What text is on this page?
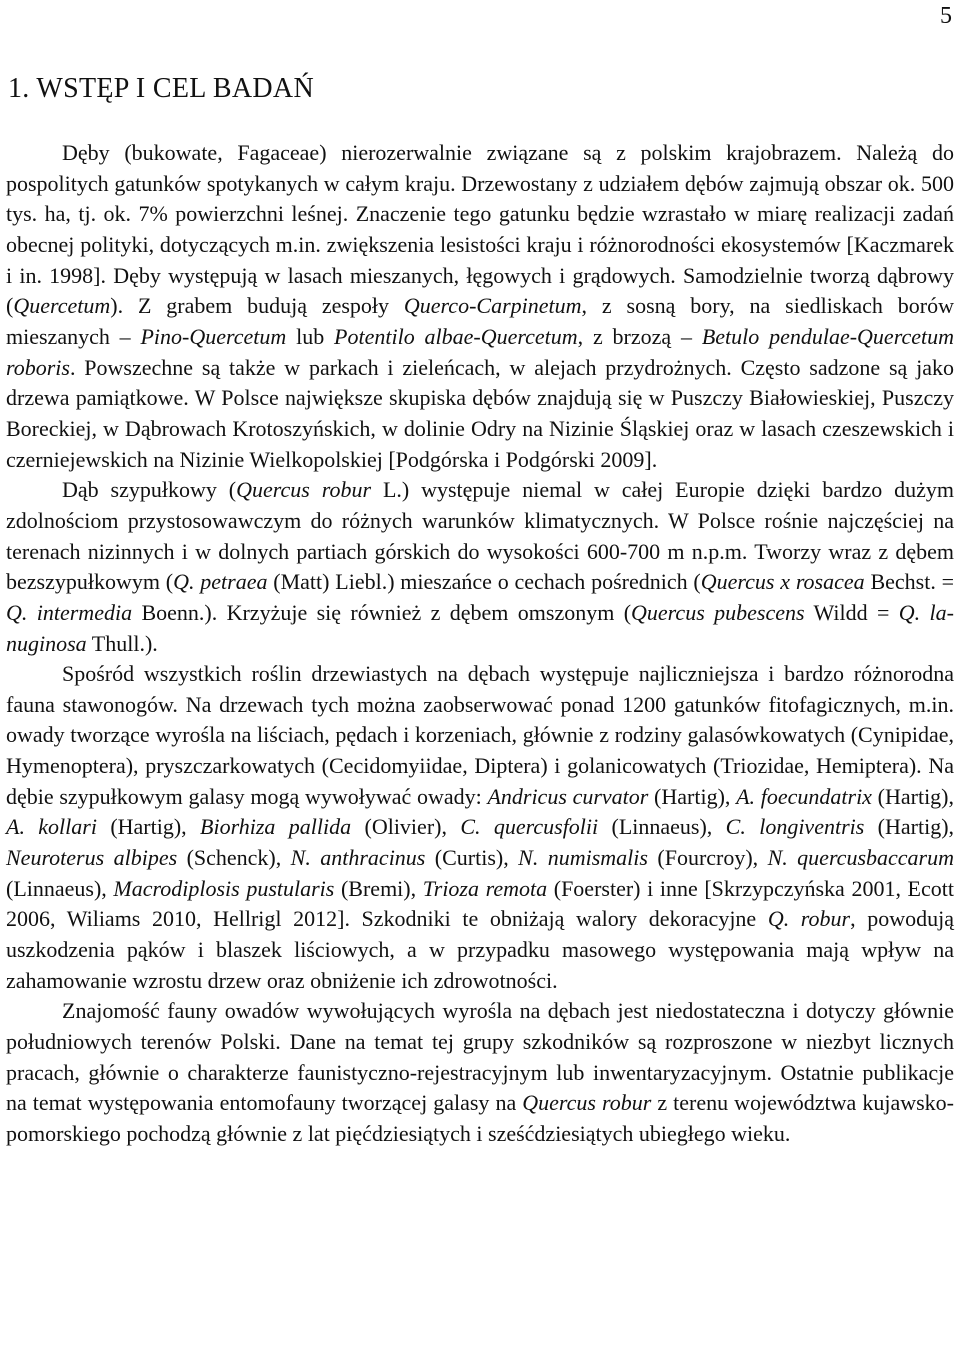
5
1. WSTĘP I CEL BADAŃ

Dęby (bukowate, Fagaceae) nierozerwalnie związane są z polskim krajobrazem. Należą do pospolitych gatunków spotykanych w całym kraju. Drzewostany z udziałem dębów zajmują obszar ok. 500 tys. ha, tj. ok. 7% powierzchni leśnej. Znaczenie tego gatunku będzie wzrastało w miarę realizacji zadań obecnej polityki, dotyczących m.in. zwiększenia lesistości kraju i różnorodności ekosystemów [Kaczmarek i in. 1998]. Dęby występują w lasach mieszanych, łęgowych i grądowych. Samodzielnie tworzą dąbrowy (Quercetum). Z grabem budują zespoły Querco-Carpinetum, z sosną bory, na siedliskach borów mieszanych – Pino-Quercetum lub Potentilo albae-Quercetum, z brzozą – Betulo pendulae-Quercetum roboris. Powszechne są także w parkach i zieleńcach, w alejach przydrożnych. Często sadzone są jako drzewa pamiątkowe. W Polsce największe skupiska dębów znajdują się w Puszczy Białowieskiej, Puszczy Boreckiej, w Dąbrowach Krotoszyńskich, w dolinie Odry na Nizinie Śląskiej oraz w lasach czeszewskich i czerniejewskich na Nizinie Wielkopolskiej [Podgórska i Podgórski 2009].

Dąb szypułkowy (Quercus robur L.) występuje niemal w całej Europie dzięki bardzo dużym zdolnościom przystosowawczym do różnych warunków klimatycznych. W Polsce rośnie najczęściej na terenach nizinnych i w dolnych partiach górskich do wysokości 600-700 m n.p.m. Tworzy wraz z dębem bezszypułkowym (Q. petraea (Matt) Liebl.) mieszańce o cechach pośrednich (Quercus x rosacea Bechst. = Q. intermedia Boenn.). Krzyżuje się również z dębem omszonym (Quercus pubescens Wildd = Q. lanuginosa Thull.).

Spośród wszystkich roślin drzewiastych na dębach występuje najliczniejsza i bardzo różnorodna fauna stawonogów. Na drzewach tych można zaobserwować ponad 1200 gatunków fitofagicznych, m.in. owady tworzące wyrośla na liściach, pędach i korzeniach, głównie z rodziny galasówkowatych (Cynipidae, Hymenoptera), pryszczarkowatych (Cecidomyiidae, Diptera) i golanicowatych (Triozidae, Hemiptera). Na dębie szypułkowym galasy mogą wywoływać owady: Andricus curvator (Hartig), A. foecundatrix (Hartig), A. kollari (Hartig), Biorhiza pallida (Olivier), C. quercusfolii (Linnaeus), C. longiventris (Hartig), Neuroterus albipes (Schenck), N. anthracinus (Curtis), N. numismalis (Fourcroy), N. quercusbaccarum (Linnaeus), Macrodiplosis pustularis (Bremi), Trioza remota (Foerster) i inne [Skrzypczyńska 2001, Ecott 2006, Wiliams 2010, Hellrigl 2012]. Szkodniki te obniżają walory dekoracyjne Q. robur, powodują uszkodzenia pąków i blaszek liściowych, a w przypadku masowego występowania mają wpływ na zahamowanie wzrostu drzew oraz obniżenie ich zdrowotności.

Znajomość fauny owadów wywołujących wyrośla na dębach jest niedostateczna i dotyczy głównie południowych terenów Polski. Dane na temat tej grupy szkodników są rozproszone w niezbyt licznych pracach, głównie o charakterze faunistyczno-rejestracyjnym lub inwentaryzacyjnym. Ostatnie publikacje na temat występowania entomofauny tworzącej galasy na Quercus robur z terenu województwa kujawsko-pomorskiego pochodzą głównie z lat pięćdziesiątych i sześćdziesiątych ubiegłego wieku.
